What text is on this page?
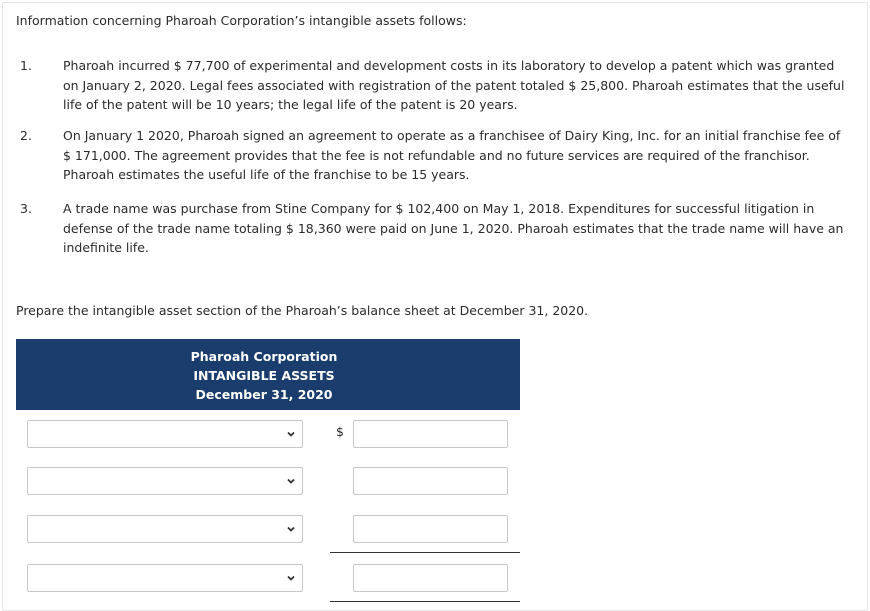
Information concerning Pharoah Corporation’s intangible assets follows:
1.	Pharoah incurred $ 77,700 of experimental and development costs in its laboratory to develop a patent which was granted on January 2, 2020. Legal fees associated with registration of the patent totaled $ 25,800. Pharoah estimates that the useful life of the patent will be 10 years; the legal life of the patent is 20 years.
2.	On January 1 2020, Pharoah signed an agreement to operate as a franchisee of Dairy King, Inc. for an initial franchise fee of $ 171,000. The agreement provides that the fee is not refundable and no future services are required of the franchisor. Pharoah estimates the useful life of the franchise to be 15 years.
3.	A trade name was purchase from Stine Company for $ 102,400 on May 1, 2018. Expenditures for successful litigation in defense of the trade name totaling $ 18,360 were paid on June 1, 2020. Pharoah estimates that the trade name will have an indefinite life.
Prepare the intangible asset section of the Pharoah’s balance sheet at December 31, 2020.
Pharoah Corporation
INTANGIBLE ASSETS
December 31, 2020
$
